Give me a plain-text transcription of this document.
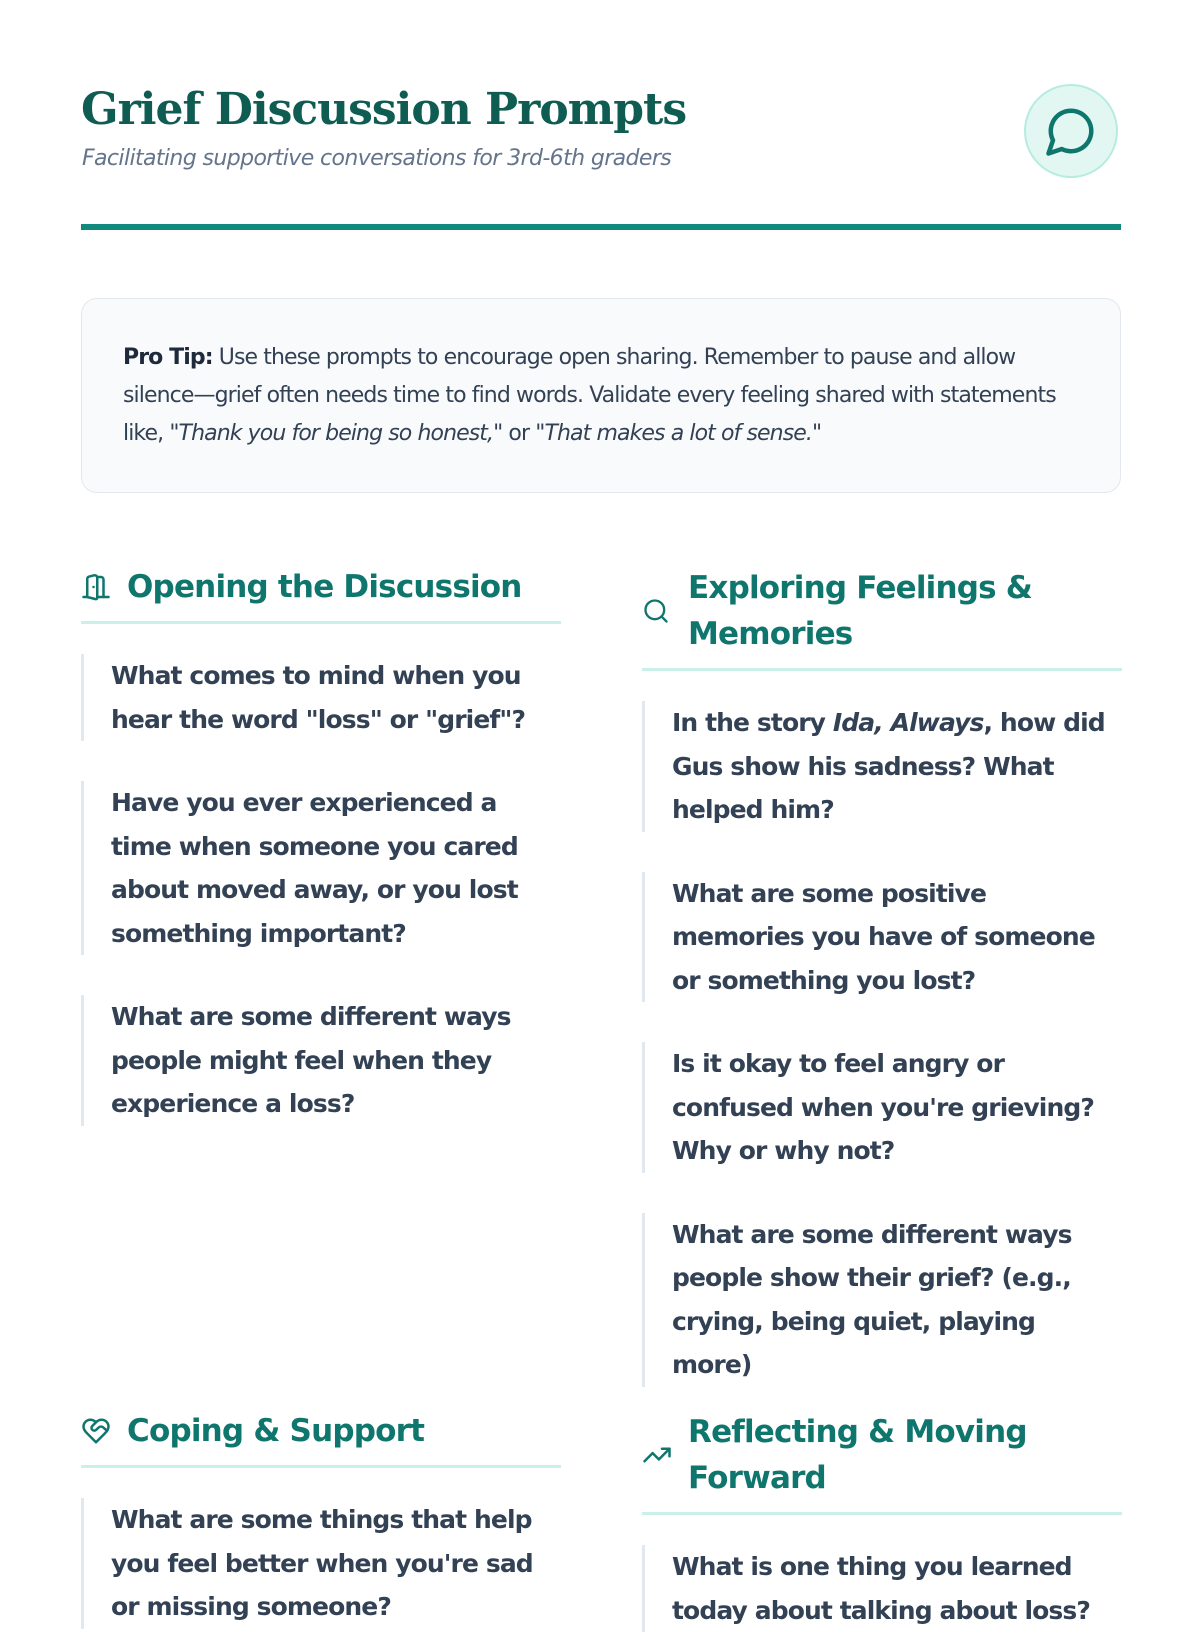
Grief Discussion Prompts

Facilitating supportive conversations for 3rd-6th graders

Pro Tip: Use these prompts to encourage open sharing. Remember to pause and allow silence—grief often needs time to find words. Validate every feeling shared with statements like, "Thank you for being so honest," or "That makes a lot of sense."
Opening the Discussion
What comes to mind when you hear the word "loss" or "grief"?
Have you ever experienced a time when someone you cared about moved away, or you lost something important?
What are some different ways people might feel when they experience a loss?
Exploring Feelings & Memories
In the story Ida, Always, how did Gus show his sadness? What helped him?
What are some positive memories you have of someone or something you lost?
Is it okay to feel angry or confused when you're grieving? Why or why not?
What are some different ways people show their grief? (e.g., crying, being quiet, playing more)
Coping & Support
What are some things that help you feel better when you're sad or missing someone?
Reflecting & Moving Forward
What is one thing you learned today about talking about loss?
